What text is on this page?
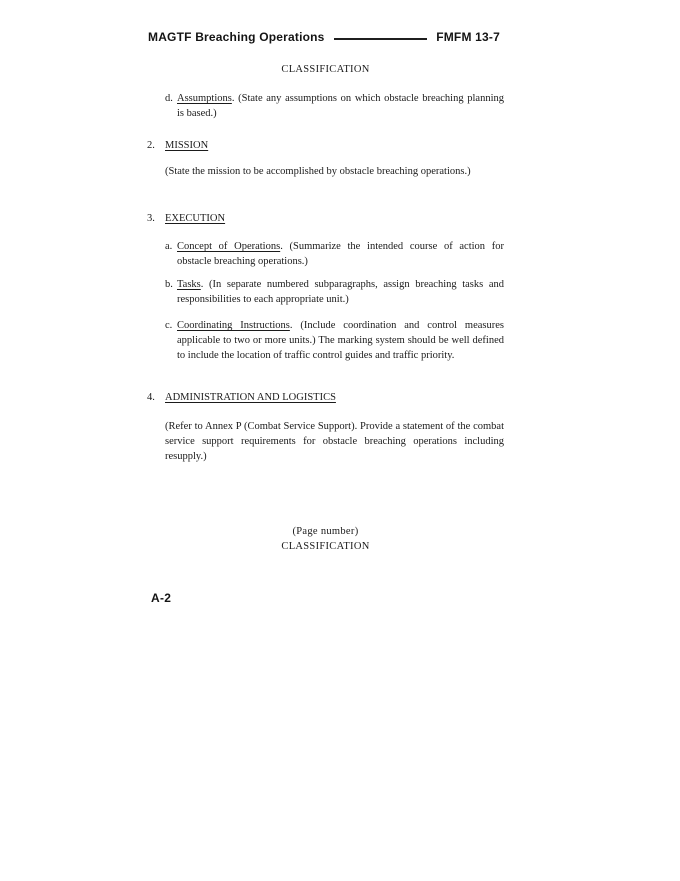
MAGTF Breaching Operations	FMFM 13-7
CLASSIFICATION
d. Assumptions. (State any assumptions on which obstacle breaching planning is based.)
2. MISSION
(State the mission to be accomplished by obstacle breaching operations.)
3. EXECUTION
a. Concept of Operations. (Summarize the intended course of action for obstacle breaching operations.)
b. Tasks. (In separate numbered subparagraphs, assign breaching tasks and responsibilities to each appropriate unit.)
c. Coordinating Instructions. (Include coordination and control measures applicable to two or more units.) The marking system should be well defined to include the location of traffic control guides and traffic priority.
4. ADMINISTRATION AND LOGISTICS
(Refer to Annex P (Combat Service Support). Provide a statement of the combat service support requirements for obstacle breaching operations including resupply.)
(Page number)
CLASSIFICATION
A-2
